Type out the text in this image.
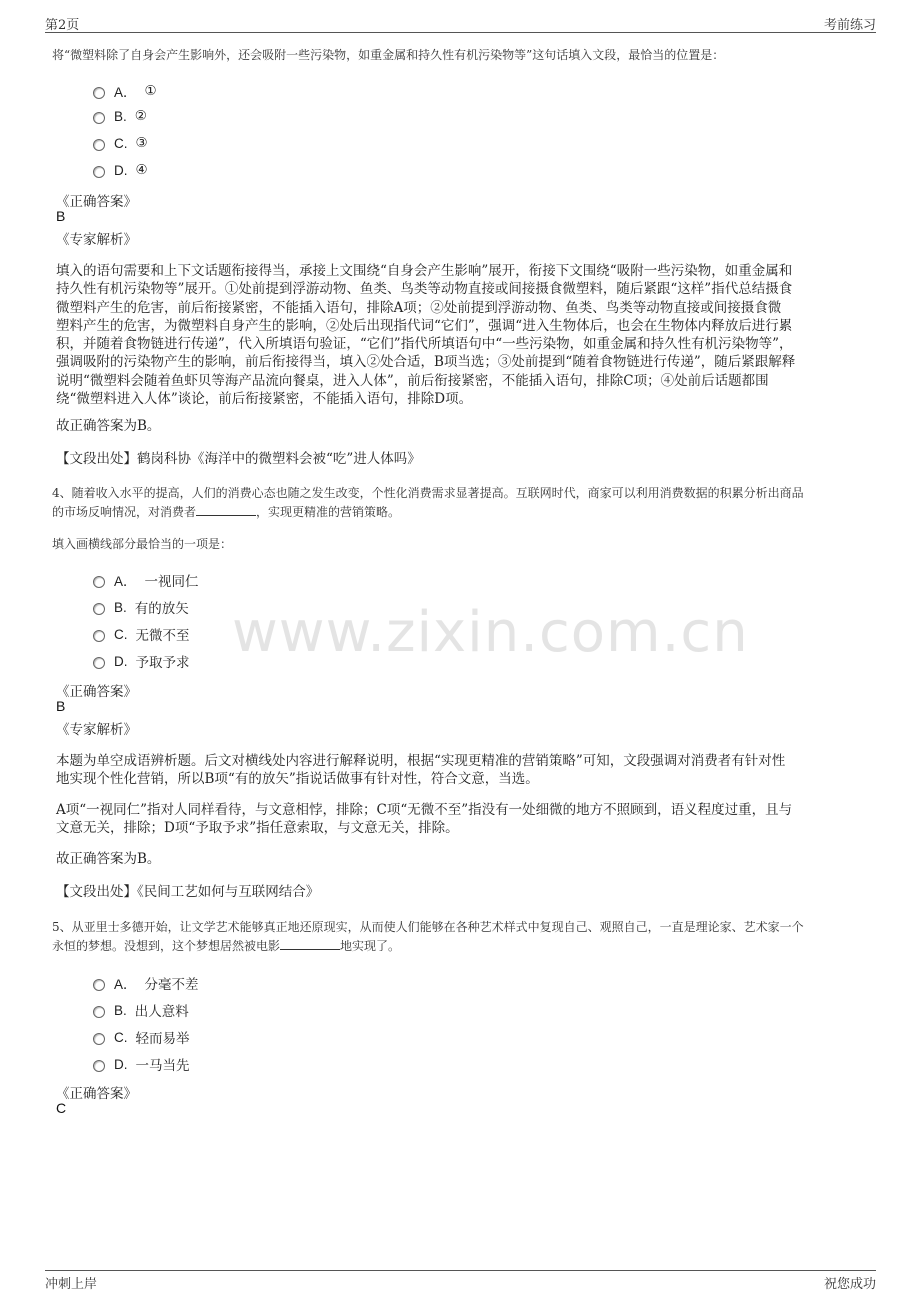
第2页	考前练习
www.zixin.com.cn
将“微塑料除了自身会产生影响外，还会吸附一些污染物，如重金属和持久性有机污染物等”这句话填入文段，最恰当的位置是：
A． ①
B. ②
C. ③
D. ④
《正确答案》
B
《专家解析》
填入的语句需要和上下文话题衔接得当，承接上文围绕“自身会产生影响”展开，衔接下文围绕“吸附一些污染物，如重金属和
持久性有机污染物等”展开。①处前提到浮游动物、鱼类、鸟类等动物直接或间接摄食微塑料，随后紧跟“这样”指代总结摄食
微塑料产生的危害，前后衔接紧密，不能插入语句，排除A项；②处前提到浮游动物、鱼类、鸟类等动物直接或间接摄食微
塑料产生的危害，为微塑料自身产生的影响，②处后出现指代词“它们”，强调“进入生物体后，也会在生物体内释放后进行累
积，并随着食物链进行传递”，代入所填语句验证，“它们”指代所填语句中“一些污染物，如重金属和持久性有机污染物等”，
强调吸附的污染物产生的影响，前后衔接得当，填入②处合适，B项当选；③处前提到“随着食物链进行传递”，随后紧跟解释
说明“微塑料会随着鱼虾贝等海产品流向餐桌，进入人体”，前后衔接紧密，不能插入语句，排除C项；④处前后话题都围
绕“微塑料进入人体”谈论，前后衔接紧密，不能插入语句，排除D项。
故正确答案为B。
【文段出处】鹤岗科协《海洋中的微塑料会被“吃”进人体吗》
4、随着收入水平的提高，人们的消费心态也随之发生改变，个性化消费需求显著提高。互联网时代，商家可以利用消费数据的积累分析出商品
的市场反响情况，对消费者	，实现更精准的营销策略。
填入画横线部分最恰当的一项是：
A． 一视同仁
B. 有的放矢
C. 无微不至
D. 予取予求
《正确答案》
B
《专家解析》
本题为单空成语辨析题。后文对横线处内容进行解释说明，根据“实现更精准的营销策略”可知，文段强调对消费者有针对性
地实现个性化营销，所以B项“有的放矢”指说话做事有针对性，符合文意，当选。
A项“一视同仁”指对人同样看待，与文意相悖，排除；C项“无微不至”指没有一处细微的地方不照顾到，语义程度过重，且与
文意无关，排除；D项“予取予求”指任意索取，与文意无关，排除。
故正确答案为B。
【文段出处】《民间工艺如何与互联网结合》
5、从亚里士多德开始，让文学艺术能够真正地还原现实，从而使人们能够在各种艺术样式中复现自己、观照自己，一直是理论家、艺术家一个
永恒的梦想。没想到，这个梦想居然被电影	地实现了。
A． 分毫不差
B. 出人意料
C. 轻而易举
D. 一马当先
《正确答案》
C
冲刺上岸	祝您成功
